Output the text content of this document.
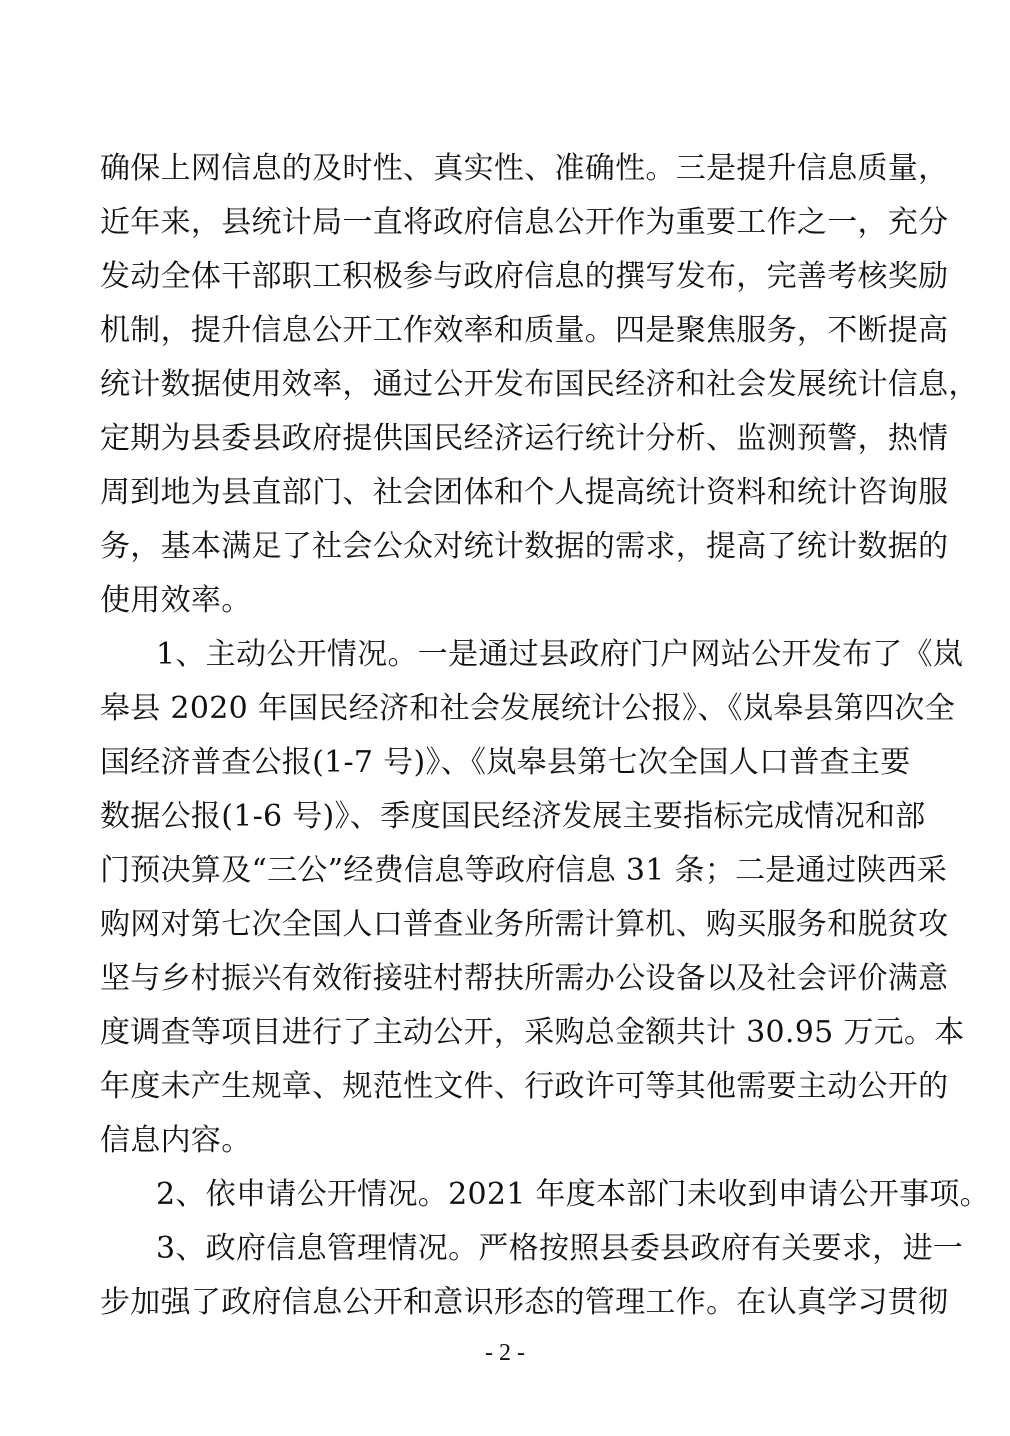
确保上网信息的及时性、真实性、准确性。三是提升信息质量，
近年来，县统计局一直将政府信息公开作为重要工作之一，充分
发动全体干部职工积极参与政府信息的撰写发布，完善考核奖励
机制，提升信息公开工作效率和质量。四是聚焦服务，不断提高
统计数据使用效率，通过公开发布国民经济和社会发展统计信息，
定期为县委县政府提供国民经济运行统计分析、监测预警，热情
周到地为县直部门、社会团体和个人提高统计资料和统计咨询服
务，基本满足了社会公众对统计数据的需求，提高了统计数据的
使用效率。
1、主动公开情况。一是通过县政府门户网站公开发布了《岚
皋县 2020 年国民经济和社会发展统计公报》、《岚皋县第四次全
国经济普查公报(1-7 号)》、《岚皋县第七次全国人口普查主要
数据公报(1-6 号)》、季度国民经济发展主要指标完成情况和部
门预决算及“三公”经费信息等政府信息 31 条；二是通过陕西采
购网对第七次全国人口普查业务所需计算机、购买服务和脱贫攻
坚与乡村振兴有效衔接驻村帮扶所需办公设备以及社会评价满意
度调查等项目进行了主动公开，采购总金额共计 30.95 万元。本
年度未产生规章、规范性文件、行政许可等其他需要主动公开的
信息内容。
2、依申请公开情况。2021 年度本部门未收到申请公开事项。
3、政府信息管理情况。严格按照县委县政府有关要求，进一
步加强了政府信息公开和意识形态的管理工作。在认真学习贯彻
- 2 -
